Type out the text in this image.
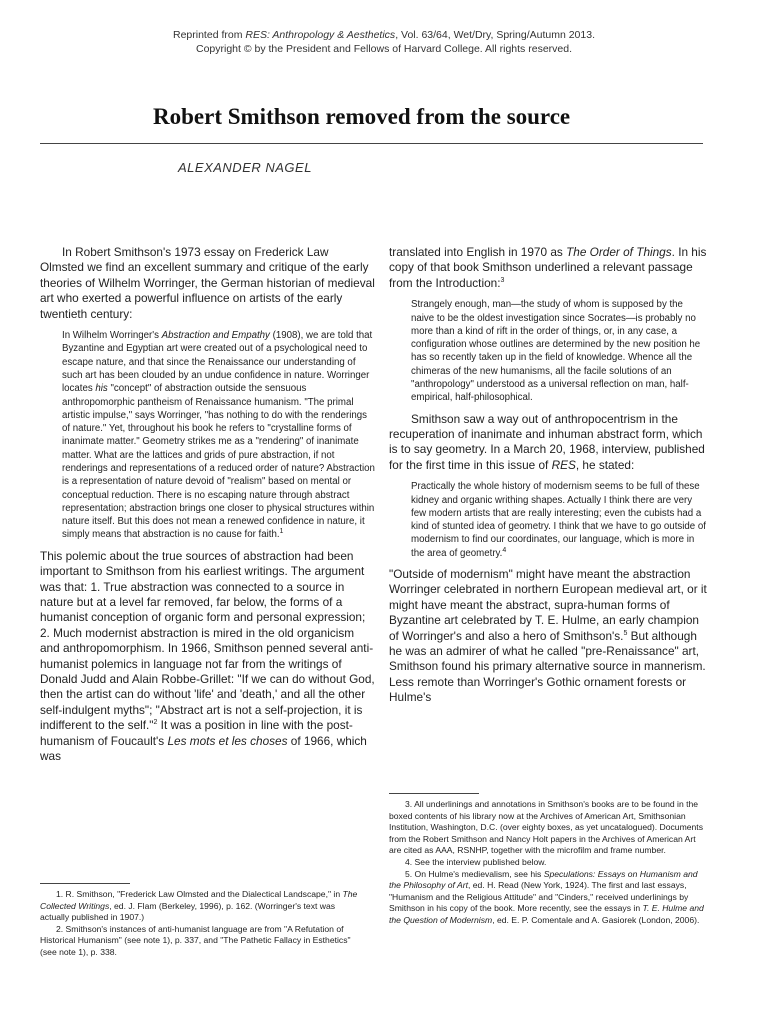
Reprinted from RES: Anthropology & Aesthetics, Vol. 63/64, Wet/Dry, Spring/Autumn 2013.
Copyright © by the President and Fellows of Harvard College. All rights reserved.
Robert Smithson removed from the source
ALEXANDER NAGEL

In Robert Smithson's 1973 essay on Frederick Law Olmsted we find an excellent summary and critique of the early theories of Wilhelm Worringer, the German historian of medieval art who exerted a powerful influence on artists of the early twentieth century:

In Wilhelm Worringer's Abstraction and Empathy (1908), we are told that Byzantine and Egyptian art were created out of a psychological need to escape nature, and that since the Renaissance our understanding of such art has been clouded by an undue confidence in nature. Worringer locates his "concept" of abstraction outside the sensuous anthropomorphic pantheism of Renaissance humanism. "The primal artistic impulse," says Worringer, "has nothing to do with the renderings of nature." Yet, throughout his book he refers to "crystalline forms of inanimate matter." Geometry strikes me as a "rendering" of inanimate matter. What are the lattices and grids of pure abstraction, if not renderings and representations of a reduced order of nature? Abstraction is a representation of nature devoid of "realism" based on mental or conceptual reduction. There is no escaping nature through abstract representation; abstraction brings one closer to physical structures within nature itself. But this does not mean a renewed confidence in nature, it simply means that abstraction is no cause for faith.$^1$

This polemic about the true sources of abstraction had been important to Smithson from his earliest writings. The argument was that: 1. True abstraction was connected to a source in nature but at a level far removed, far below, the forms of a humanist conception of organic form and personal expression; 2. Much modernist abstraction is mired in the old organicism and anthropomorphism. In 1966, Smithson penned several anti-humanist polemics in language not far from the writings of Donald Judd and Alain Robbe-Grillet: "If we can do without God, then the artist can do without 'life' and 'death,' and all the other self-indulgent myths"; "Abstract art is not a self-projection, it is indifferent to the self."$^2$ It was a position in line with the post-humanism of Foucault's Les mots et les choses of 1966, which was

translated into English in 1970 as The Order of Things. In his copy of that book Smithson underlined a relevant passage from the Introduction:$^3$

Strangely enough, man—the study of whom is supposed by the naive to be the oldest investigation since Socrates—is probably no more than a kind of rift in the order of things, or, in any case, a configuration whose outlines are determined by the new position he has so recently taken up in the field of knowledge. Whence all the chimeras of the new humanisms, all the facile solutions of an "anthropology" understood as a universal reflection on man, half-empirical, half-philosophical.

Smithson saw a way out of anthropocentrism in the recuperation of inanimate and inhuman abstract form, which is to say geometry. In a March 20, 1968, interview, published for the first time in this issue of RES, he stated:

Practically the whole history of modernism seems to be full of these kidney and organic writhing shapes. Actually I think there are very few modern artists that are really interesting; even the cubists had a kind of stunted idea of geometry. I think that we have to go outside of modernism to find our coordinates, our language, which is more in the area of geometry.$^4$

"Outside of modernism" might have meant the abstraction Worringer celebrated in northern European medieval art, or it might have meant the abstract, supra-human forms of Byzantine art celebrated by T. E. Hulme, an early champion of Worringer's and also a hero of Smithson's.$^5$ But although he was an admirer of what he called "pre-Renaissance" art, Smithson found his primary alternative source in mannerism. Less remote than Worringer's Gothic ornament forests or Hulme's

1. R. Smithson, "Frederick Law Olmsted and the Dialectical Landscape," in The Collected Writings, ed. J. Flam (Berkeley, 1996), p. 162. (Worringer's text was actually published in 1907.)

2. Smithson's instances of anti-humanist language are from "A Refutation of Historical Humanism" (see note 1), p. 337, and "The Pathetic Fallacy in Esthetics" (see note 1), p. 338.

3. All underlinings and annotations in Smithson's books are to be found in the boxed contents of his library now at the Archives of American Art, Smithsonian Institution, Washington, D.C. (over eighty boxes, as yet uncatalogued). Documents from the Robert Smithson and Nancy Holt papers in the Archives of American Art are cited as AAA, RSNHP, together with the microfilm and frame number.

4. See the interview published below.

5. On Hulme's medievalism, see his Speculations: Essays on Humanism and the Philosophy of Art, ed. H. Read (New York, 1924). The first and last essays, "Humanism and the Religious Attitude" and "Cinders," received underlinings by Smithson in his copy of the book. More recently, see the essays in T. E. Hulme and the Question of Modernism, ed. E. P. Comentale and A. Gasiorek (London, 2006).
